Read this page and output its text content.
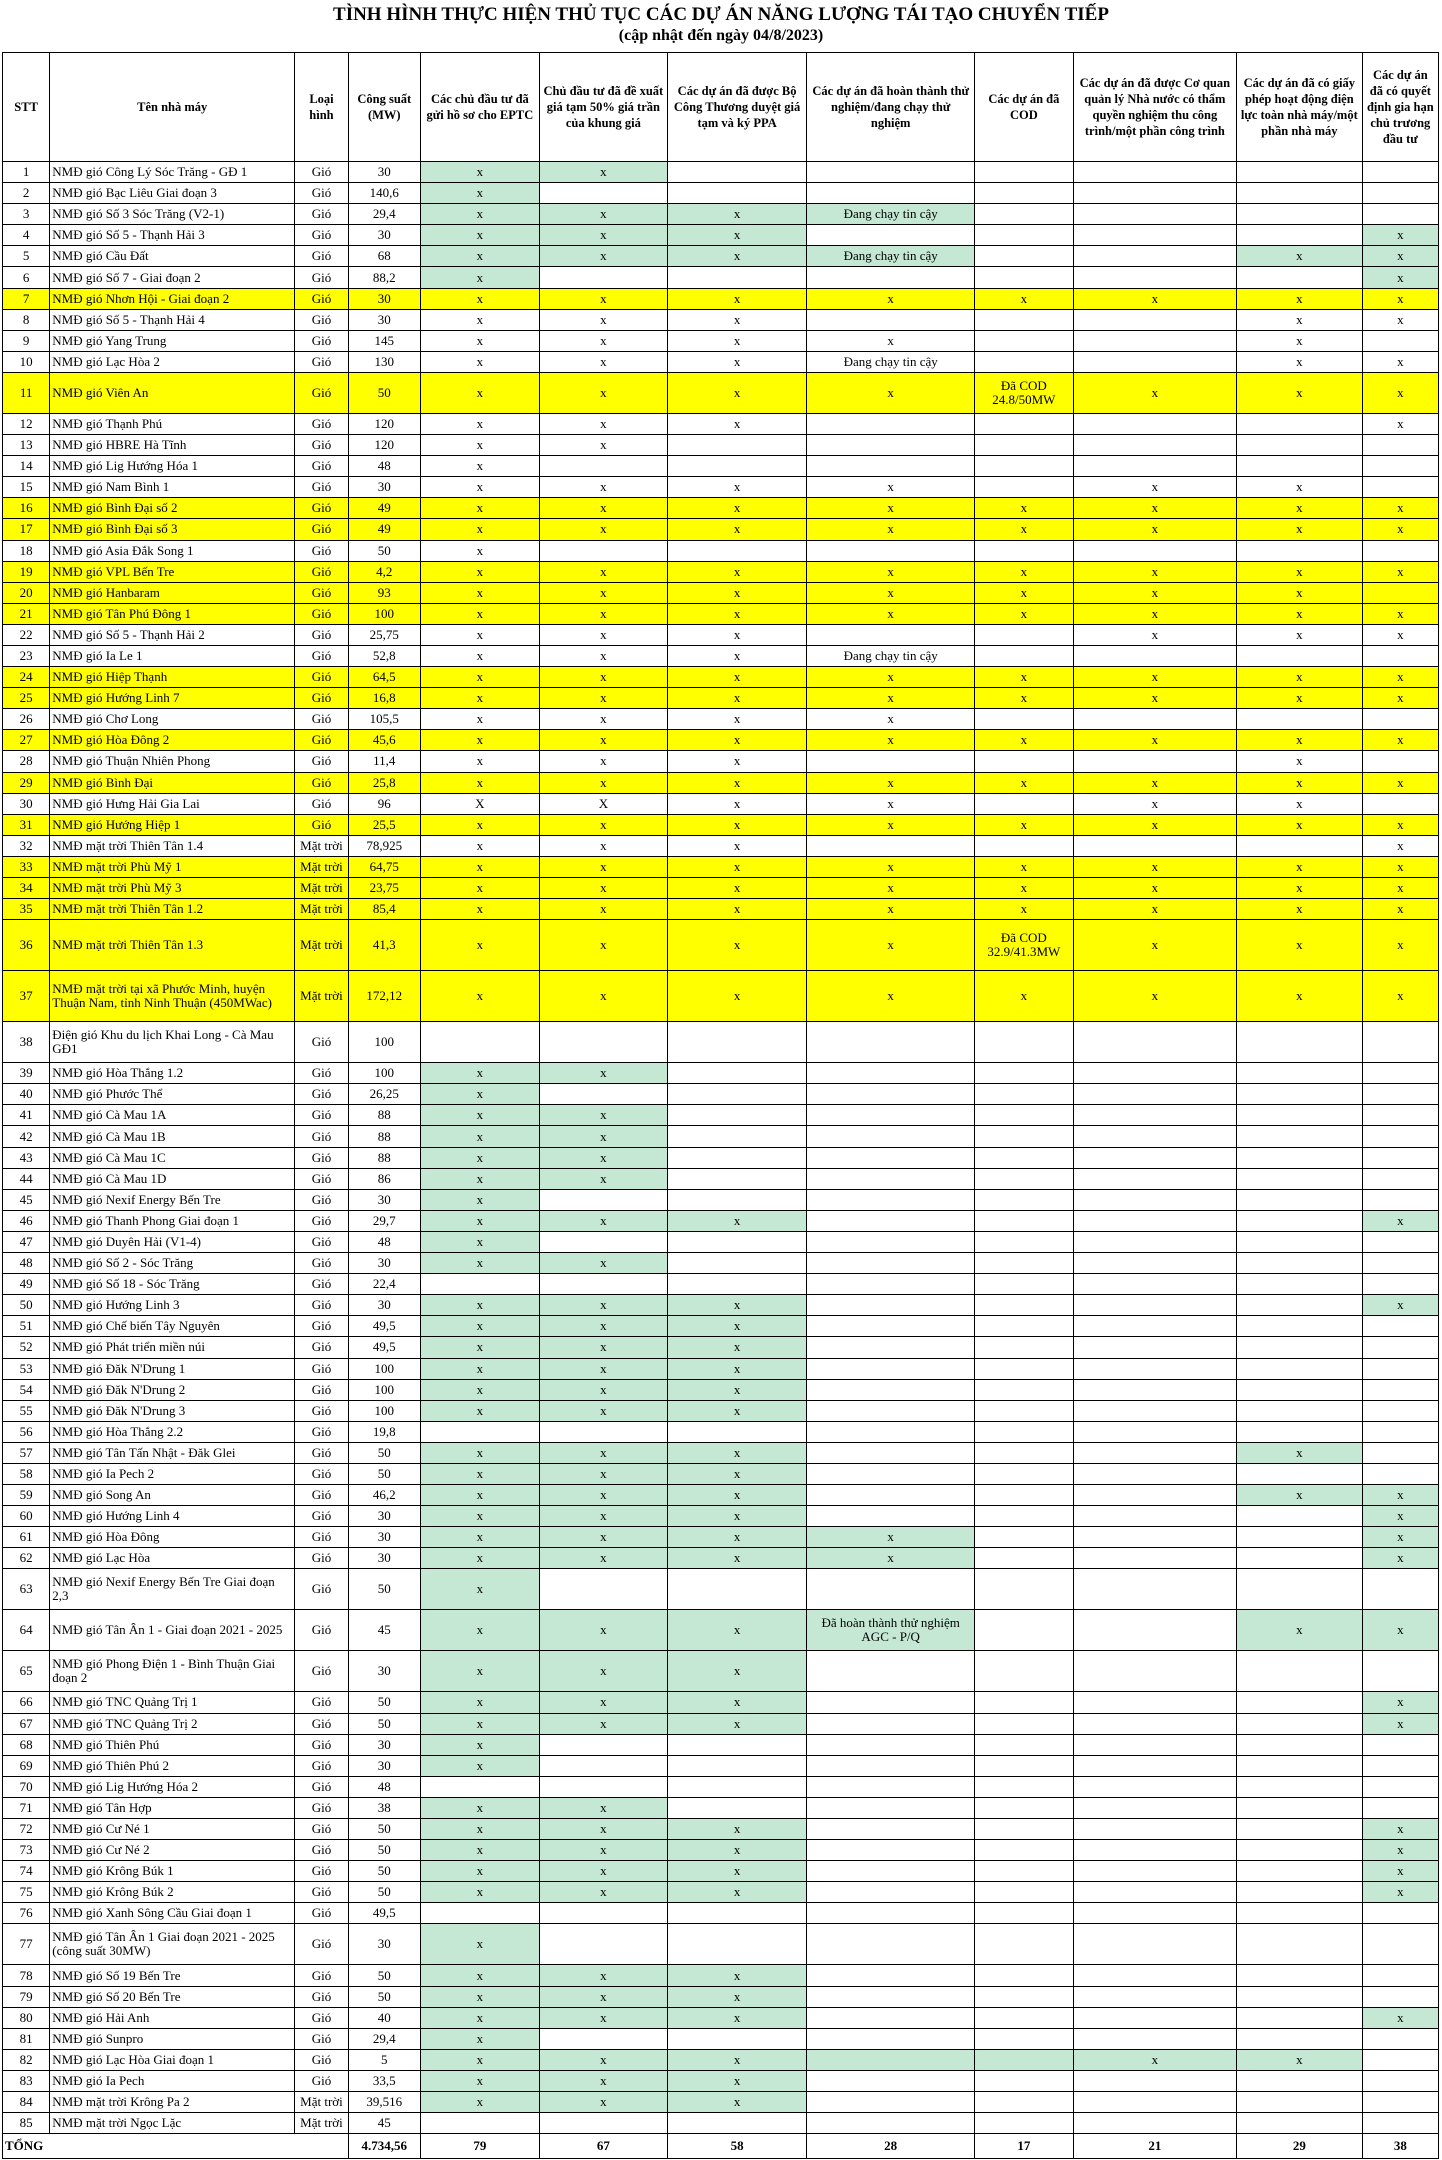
TÌNH HÌNH THỰC HIỆN THỦ TỤC CÁC DỰ ÁN NĂNG LƯỢNG TÁI TẠO CHUYỂN TIẾP
(cập nhật đến ngày 04/8/2023)
STT	Tên nhà máy	Loại hình	Công suất (MW)	Các chủ đầu tư đã gửi hồ sơ cho EPTC	Chủ đầu tư đã đề xuất giá tạm 50% giá trần của khung giá	Các dự án đã được Bộ Công Thương duyệt giá tạm và ký PPA	Các dự án đã hoàn thành thử nghiệm/đang chạy thử nghiệm	Các dự án đã COD	Các dự án đã được Cơ quan quản lý Nhà nước có thẩm quyền nghiệm thu công trình/một phần công trình	Các dự án đã có giấy phép hoạt động điện lực toàn nhà máy/một phần nhà máy	Các dự án đã có quyết định gia hạn chủ trương đầu tư
1	NMĐ gió Công Lý Sóc Trăng - GĐ 1	Gió	30	x	x						
2	NMĐ gió Bạc Liêu Giai đoạn 3	Gió	140,6	x							
3	NMĐ gió Số 3 Sóc Trăng (V2-1)	Gió	29,4	x	x	x	Đang chạy tin cậy				
4	NMĐ gió Số 5 - Thạnh Hải 3	Gió	30	x	x	x					x
5	NMĐ gió Cầu Đất	Gió	68	x	x	x	Đang chạy tin cậy			x	x
6	NMĐ gió Số 7 - Giai đoạn 2	Gió	88,2	x							x
7	NMĐ gió Nhơn Hội - Giai đoạn 2	Gió	30	x	x	x	x	x	x	x	x
8	NMĐ gió Số 5 - Thạnh Hải 4	Gió	30	x	x	x				x	x
9	NMĐ gió Yang Trung	Gió	145	x	x	x	x			x	
10	NMĐ gió Lạc Hòa 2	Gió	130	x	x	x	Đang chạy tin cậy			x	x
11	NMĐ gió Viên An	Gió	50	x	x	x	x	Đã COD 24.8/50MW	x	x	x
12	NMĐ gió Thạnh Phú	Gió	120	x	x	x					x
13	NMĐ gió HBRE Hà Tĩnh	Gió	120	x	x						
14	NMĐ gió Lig Hướng Hóa 1	Gió	48	x							
15	NMĐ gió Nam Bình 1	Gió	30	x	x	x	x		x	x	
16	NMĐ gió Bình Đại số 2	Gió	49	x	x	x	x	x	x	x	x
17	NMĐ gió Bình Đại số 3	Gió	49	x	x	x	x	x	x	x	x
18	NMĐ gió Asia Đắk Song 1	Gió	50	x							
19	NMĐ gió VPL Bến Tre	Gió	4,2	x	x	x	x	x	x	x	x
20	NMĐ gió Hanbaram	Gió	93	x	x	x	x	x	x	x	
21	NMĐ gió Tân Phú Đông 1	Gió	100	x	x	x	x	x	x	x	x
22	NMĐ gió Số 5 - Thạnh Hải 2	Gió	25,75	x	x	x			x	x	x
23	NMĐ gió Ia Le 1	Gió	52,8	x	x	x	Đang chạy tin cậy				
24	NMĐ gió Hiệp Thạnh	Gió	64,5	x	x	x	x	x	x	x	x
25	NMĐ gió Hướng Linh 7	Gió	16,8	x	x	x	x	x	x	x	x
26	NMĐ gió Chơ Long	Gió	105,5	x	x	x	x				
27	NMĐ gió Hòa Đông 2	Gió	45,6	x	x	x	x	x	x	x	x
28	NMĐ gió Thuận Nhiên Phong	Gió	11,4	x	x	x				x	
29	NMĐ gió Bình Đại	Gió	25,8	x	x	x	x	x	x	x	x
30	NMĐ gió Hưng Hải Gia Lai	Gió	96	X	X	x	x		x	x	
31	NMĐ gió Hướng Hiệp 1	Gió	25,5	x	x	x	x	x	x	x	x
32	NMĐ mặt trời Thiên Tân 1.4	Mặt trời	78,925	x	x	x					x
33	NMĐ mặt trời Phù Mỹ 1	Mặt trời	64,75	x	x	x	x	x	x	x	x
34	NMĐ mặt trời Phù Mỹ 3	Mặt trời	23,75	x	x	x	x	x	x	x	x
35	NMĐ mặt trời Thiên Tân 1.2	Mặt trời	85,4	x	x	x	x	x	x	x	x
36	NMĐ mặt trời Thiên Tân 1.3	Mặt trời	41,3	x	x	x	x	Đã COD 32.9/41.3MW	x	x	x
37	NMĐ mặt trời tại xã Phước Minh, huyện Thuận Nam, tỉnh Ninh Thuận (450MWac)	Mặt trời	172,12	x	x	x	x	x	x	x	x
38	Điện gió Khu du lịch Khai Long - Cà Mau GĐ1	Gió	100								
39	NMĐ gió Hòa Thắng 1.2	Gió	100	x	x						
40	NMĐ gió Phước Thể	Gió	26,25	x							
41	NMĐ gió Cà Mau 1A	Gió	88	x	x						
42	NMĐ gió Cà Mau 1B	Gió	88	x	x						
43	NMĐ gió Cà Mau 1C	Gió	88	x	x						
44	NMĐ gió Cà Mau 1D	Gió	86	x	x						
45	NMĐ gió Nexif Energy Bến Tre	Gió	30	x							
46	NMĐ gió Thanh Phong Giai đoạn 1	Gió	29,7	x	x	x					x
47	NMĐ gió Duyên Hải (V1-4)	Gió	48	x							
48	NMĐ gió Số 2 - Sóc Trăng	Gió	30	x	x						
49	NMĐ gió Số 18 - Sóc Trăng	Gió	22,4								
50	NMĐ gió Hướng Linh 3	Gió	30	x	x	x					x
51	NMĐ gió Chế biến Tây Nguyên	Gió	49,5	x	x	x					
52	NMĐ gió Phát triển miền núi	Gió	49,5	x	x	x					
53	NMĐ gió Đăk N'Drung 1	Gió	100	x	x	x					
54	NMĐ gió Đăk N'Drung 2	Gió	100	x	x	x					
55	NMĐ gió Đăk N'Drung 3	Gió	100	x	x	x					
56	NMĐ gió Hòa Thắng 2.2	Gió	19,8								
57	NMĐ gió Tân Tấn Nhật - Đăk Glei	Gió	50	x	x	x				x	
58	NMĐ gió Ia Pech 2	Gió	50	x	x	x					
59	NMĐ gió Song An	Gió	46,2	x	x	x				x	x
60	NMĐ gió Hướng Linh 4	Gió	30	x	x	x					x
61	NMĐ gió Hòa Đông	Gió	30	x	x	x	x				x
62	NMĐ gió Lạc Hòa	Gió	30	x	x	x	x				x
63	NMĐ gió Nexif Energy Bến Tre Giai đoạn 2,3	Gió	50	x							
64	NMĐ gió Tân Ân 1 - Giai đoạn 2021 - 2025	Gió	45	x	x	x	Đã hoàn thành thử nghiệm AGC - P/Q			x	x
65	NMĐ gió Phong Điện 1 - Bình Thuận Giai đoạn 2	Gió	30	x	x	x					
66	NMĐ gió TNC Quảng Trị 1	Gió	50	x	x	x					x
67	NMĐ gió TNC Quảng Trị 2	Gió	50	x	x	x					x
68	NMĐ gió Thiên Phú	Gió	30	x							
69	NMĐ gió Thiên Phú 2	Gió	30	x							
70	NMĐ gió Lig Hướng Hóa 2	Gió	48								
71	NMĐ gió Tân Hợp	Gió	38	x	x						
72	NMĐ gió Cư Né 1	Gió	50	x	x	x					x
73	NMĐ gió Cư Né 2	Gió	50	x	x	x					x
74	NMĐ gió Krông Búk 1	Gió	50	x	x	x					x
75	NMĐ gió Krông Búk 2	Gió	50	x	x	x					x
76	NMĐ gió Xanh Sông Cầu Giai đoạn 1	Gió	49,5								
77	NMĐ gió Tân Ân 1 Giai đoạn 2021 - 2025 (công suất 30MW)	Gió	30	x							
78	NMĐ gió Số 19 Bến Tre	Gió	50	x	x	x					
79	NMĐ gió Số 20 Bến Tre	Gió	50	x	x	x					
80	NMĐ gió Hải Anh	Gió	40	x	x	x					x
81	NMĐ gió Sunpro	Gió	29,4	x							
82	NMĐ gió Lạc Hòa Giai đoạn 1	Gió	5	x	x	x			x	x	
83	NMĐ gió Ia Pech	Gió	33,5	x	x	x					
84	NMĐ mặt trời Krông Pa 2	Mặt trời	39,516	x	x	x					
85	NMĐ mặt trời Ngọc Lặc	Mặt trời	45								
TỔNG			4.734,56	79	67	58	28	17	21	29	38
